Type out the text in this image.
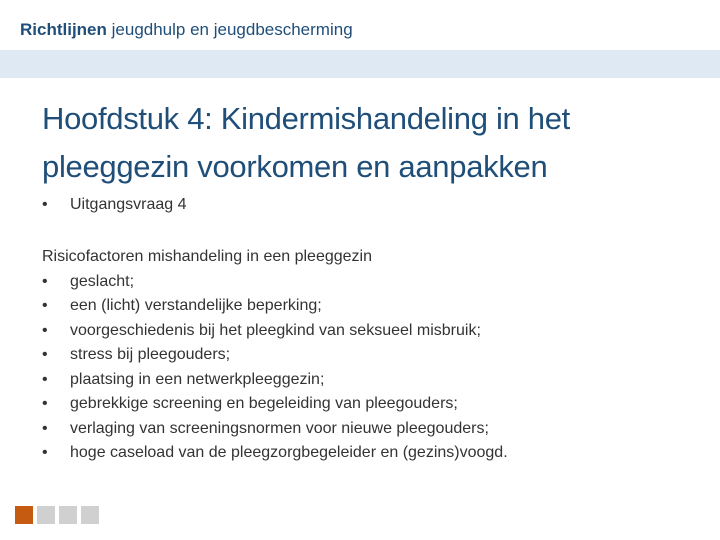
Richtlijnen jeugdhulp en jeugdbescherming
Hoofdstuk 4: Kindermishandeling in het
pleeggezin voorkomen en aanpakken
• Uitgangsvraag 4

Risicofactoren mishandeling in een pleeggezin

• geslacht;
• een (licht) verstandelijke beperking;
• voorgeschiedenis bij het pleegkind van seksueel misbruik;
• stress bij pleegouders;
• plaatsing in een netwerkpleeggezin;
• gebrekkige screening en begeleiding van pleegouders;
• verlaging van screeningsnormen voor nieuwe pleegouders;
• hoge caseload van de pleegzorgbegeleider en (gezins)voogd.
